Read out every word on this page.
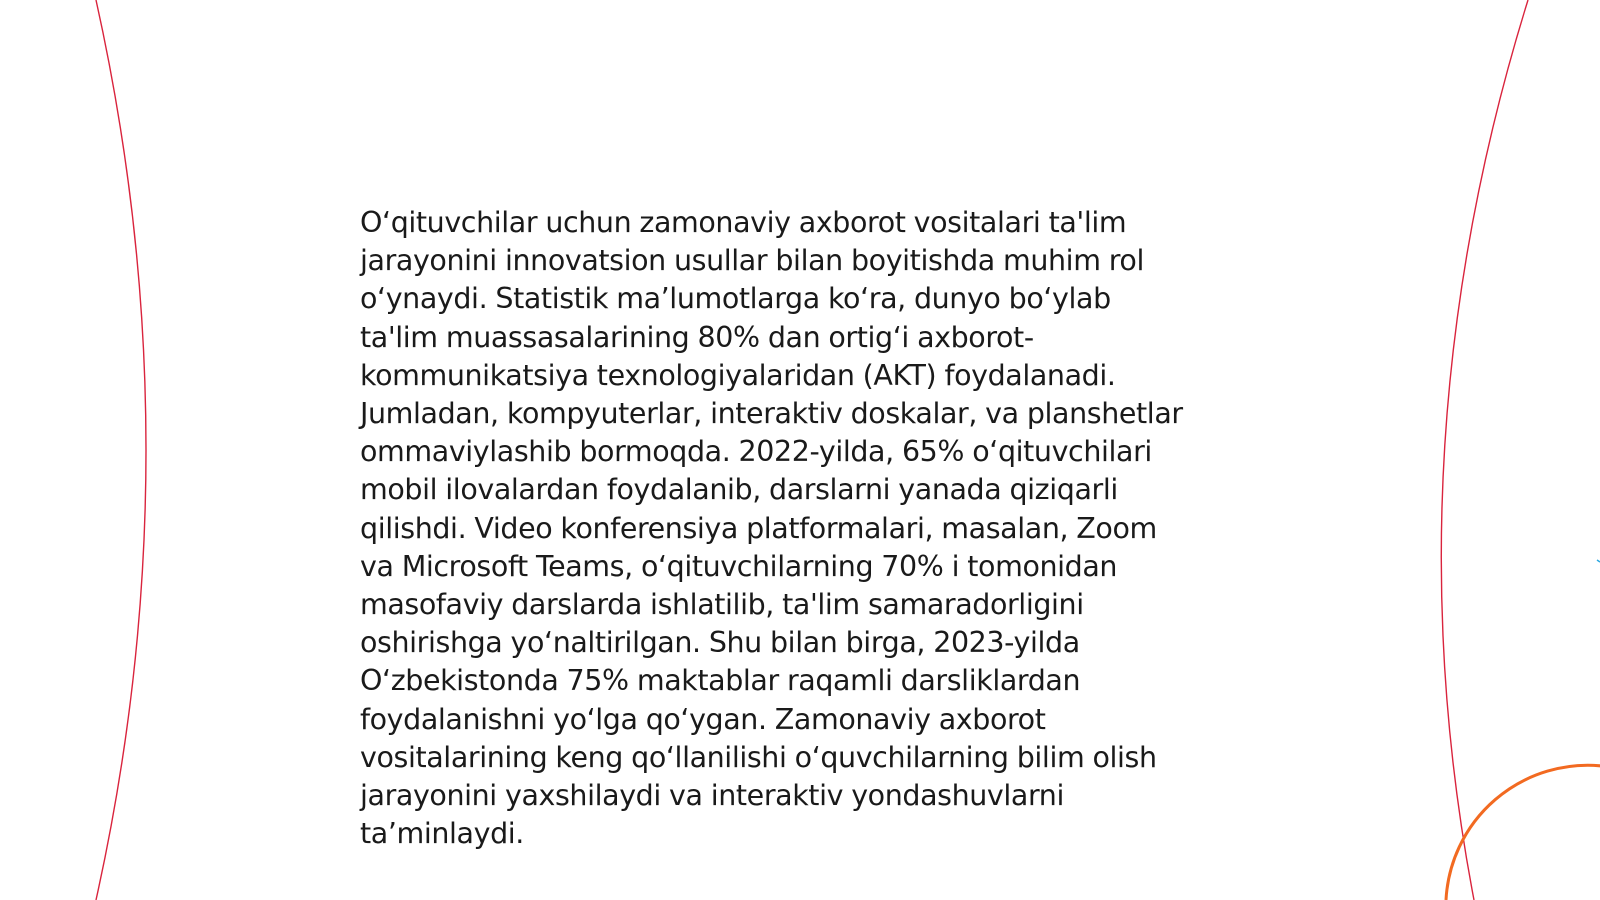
O‘qituvchilar uchun zamonaviy axborot vositalari ta'lim
jarayonini innovatsion usullar bilan boyitishda muhim rol
o‘ynaydi. Statistik ma’lumotlarga ko‘ra, dunyo bo‘ylab
ta'lim muassasalarining 80% dan ortig‘i axborot-
kommunikatsiya texnologiyalaridan (AKT) foydalanadi.
Jumladan, kompyuterlar, interaktiv doskalar, va planshetlar
ommaviylashib bormoqda. 2022-yilda, 65% o‘qituvchilari
mobil ilovalardan foydalanib, darslarni yanada qiziqarli
qilishdi. Video konferensiya platformalari, masalan, Zoom
va Microsoft Teams, o‘qituvchilarning 70% i tomonidan
masofaviy darslarda ishlatilib, ta'lim samaradorligini
oshirishga yo‘naltirilgan. Shu bilan birga, 2023-yilda
O‘zbekistonda 75% maktablar raqamli darsliklardan
foydalanishni yo‘lga qo‘ygan. Zamonaviy axborot
vositalarining keng qo‘llanilishi o‘quvchilarning bilim olish
jarayonini yaxshilaydi va interaktiv yondashuvlarni
ta’minlaydi.
